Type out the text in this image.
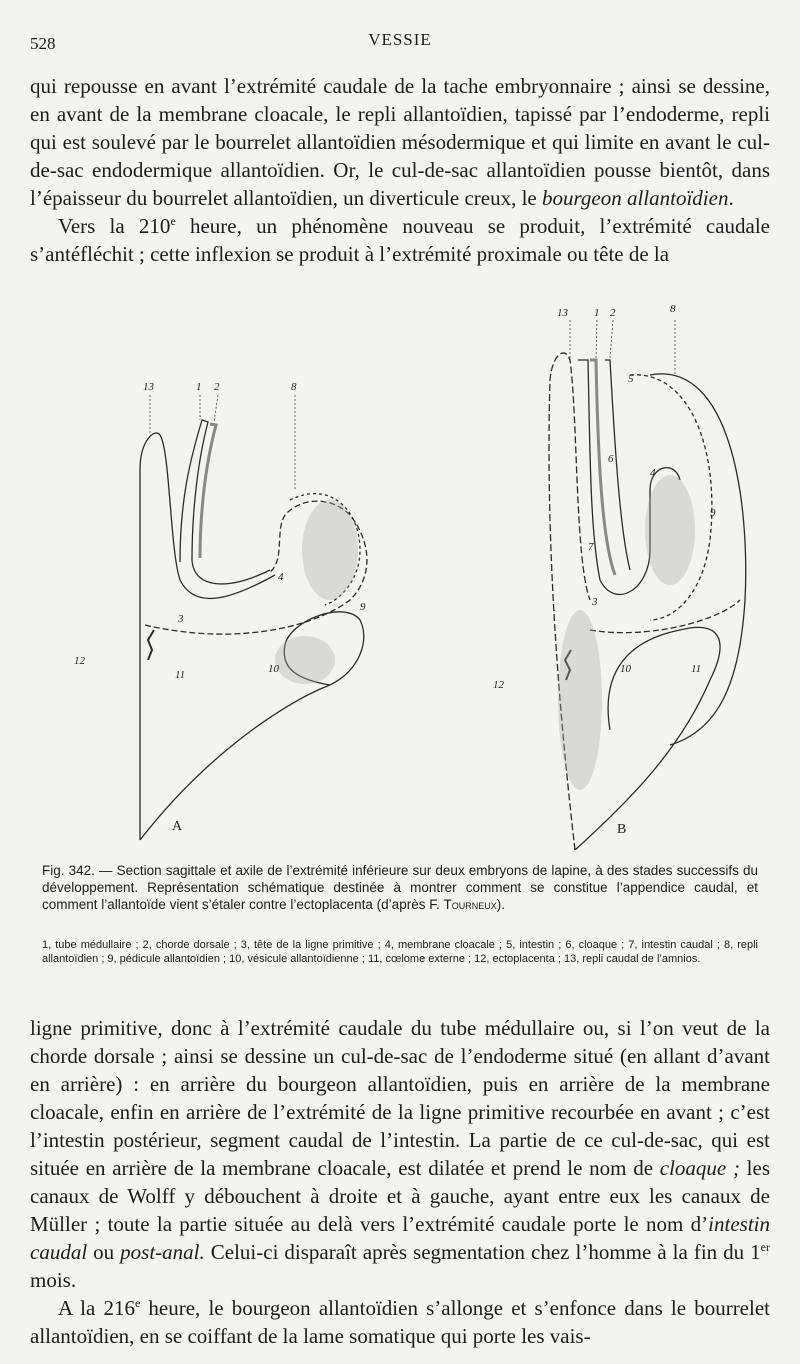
528	VESSIE

qui repousse en avant l’extrémité caudale de la tache embryonnaire ; ainsi se dessine, en avant de la membrane cloacale, le repli allantoïdien, tapissé par l’endoderme, repli qui est soulevé par le bourrelet allantoïdien mésodermique et qui limite en avant le cul-de-sac endodermique allantoïdien. Or, le cul-de-sac allantoïdien pousse bientôt, dans l’épaisseur du bourrelet allantoïdien, un diverticule creux, le bourgeon allantoïdien.

Vers la 210e heure, un phénomène nouveau se produit, l’extrémité caudale s’antéfléchit ; cette inflexion se produit à l’extrémité proximale ou tête de la

13	1 2	8
4
3
9
12
11	10
13 1 2	8
5
6
4
9
7
3
10	11
12
A	B

Fig. 342. — Section sagittale et axile de l’extrémité inférieure sur deux embryons de lapine, à des stades successifs du développement. Représentation schématique destinée à montrer comment se constitue l’appendice caudal, et comment l’allantoïde vient s’étaler contre l’ectoplacenta (d’après F. Tourneux).

1, tube médullaire ; 2, chorde dorsale ; 3, tête de la ligne primitive ; 4, membrane cloacale ; 5, intestin ; 6, cloaque ; 7, intestin caudal ; 8, repli allantoïdien ; 9, pédicule allantoïdien ; 10, vésicule allantoïdienne ; 11, cœlome externe ; 12, ectoplacenta ; 13, repli caudal de l’amnios.

ligne primitive, donc à l’extrémité caudale du tube médullaire ou, si l’on veut de la chorde dorsale ; ainsi se dessine un cul-de-sac de l’endoderme situé (en allant d’avant en arrière) : en arrière du bourgeon allantoïdien, puis en arrière de la membrane cloacale, enfin en arrière de l’extrémité de la ligne primitive recourbée en avant ; c’est l’intestin postérieur, segment caudal de l’intestin. La partie de ce cul-de-sac, qui est située en arrière de la membrane cloacale, est dilatée et prend le nom de cloaque ; les canaux de Wolff y débouchent à droite et à gauche, ayant entre eux les canaux de Müller ; toute la partie située au delà vers l’extrémité caudale porte le nom d’intestin caudal ou post-anal. Celui-ci disparaît après segmentation chez l’homme à la fin du 1er mois.

A la 216e heure, le bourgeon allantoïdien s’allonge et s’enfonce dans le bourrelet allantoïdien, en se coiffant de la lame somatique qui porte les vais-
